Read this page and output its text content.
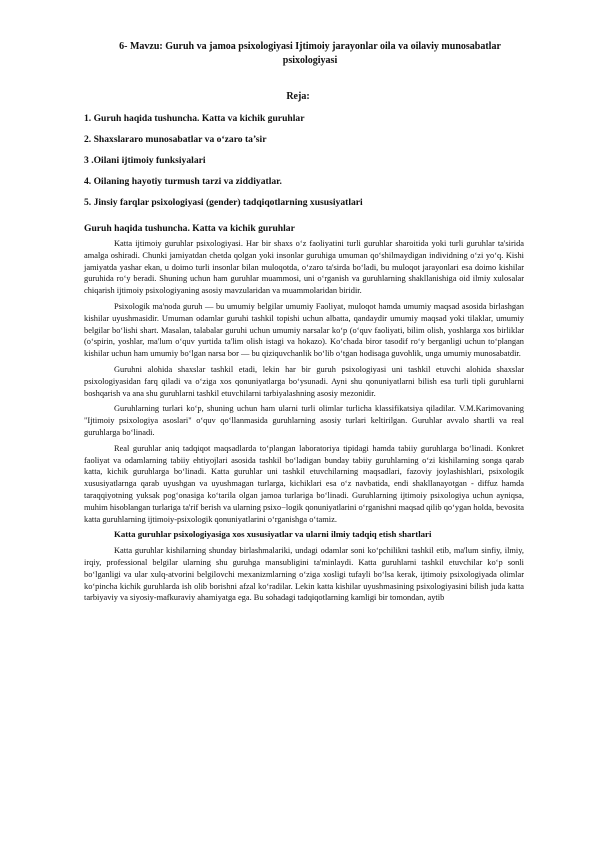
6- Mavzu: Guruh va jamoa psixologiyasi Ijtimoiy jarayonlar oila va oilaviy munosabatlar psixologiyasi
Reja:
1. Guruh haqida tushuncha. Katta va kichik guruhlar
2. Shaxslararo munosabatlar va o‘zaro ta’sir
3 .Oilani ijtimoiy funksiyalari
4. Oilaning hayotiy turmush tarzi va ziddiyatlar.
5. Jinsiy farqlar psixologiyasi (gender) tadqiqotlarning xususiyatlari
Guruh haqida tushuncha. Katta va kichik guruhlar

Katta ijtimoiy guruhlar psixologiyasi. Har bir shaxs o‘z faoliyatini turli guruhlar sharoitida yoki turli guruhlar ta'sirida amalga oshiradi. Chunki jamiyatdan chetda qolgan yoki insonlar guruhiga umuman qo‘shilmaydigan individning o‘zi yo‘q. Kishi jamiyatda yashar ekan, u doimo turli insonlar bilan muloqotda, o‘zaro ta'sirda bo‘ladi, bu muloqot jarayonlari esa doimo kishilar guruhida ro‘y beradi. Shuning uchun ham guruhlar muammosi, uni o‘rganish va guruhlarning shakllanishiga oid ilmiy xulosalar chiqarish ijtimoiy psixologiyaning asosiy mavzularidan va muammolaridan biridir.

Psixologik ma'noda guruh — bu umumiy belgilar umumiy Faoliyat, muloqot hamda umumiy maqsad asosida birlashgan kishilar uyushmasidir. Umuman odamlar guruhi tashkil topishi uchun albatta, qandaydir umumiy maqsad yoki tilaklar, umumiy belgilar bo‘lishi shart. Masalan, talabalar guruhi uchun umumiy narsalar ko‘p (o‘quv faoliyati, bilim olish, yoshlarga xos birliklar (o‘spirin, yoshlar, ma'lum o‘quv yurtida ta'lim olish istagi va hokazo). Ko‘chada biror tasodif ro‘y berganligi uchun to‘plangan kishilar uchun ham umumiy bo‘lgan narsa bor — bu qiziquvchanlik bo‘lib o‘tgan hodisaga guvohlik, unga umumiy munosabatdir.

Guruhni alohida shaxslar tashkil etadi, lekin har bir guruh psixologiyasi uni tashkil etuvchi alohida shaxslar psixologiyasidan farq qiladi va o‘ziga xos qonuniyatlarga bo‘ysunadi. Ayni shu qonuniyatlarni bilish esa turli tipli guruhlarni boshqarish va ana shu guruhlarni tashkil etuvchilarni tarbiyalashning asosiy mezonidir.

Guruhlarning turlari ko‘p, shuning uchun ham ularni turli olimlar turlicha klassifikatsiya qiladilar. V.M.Karimovaning "Ijtimoiy psixologiya asoslari" o‘quv qo‘llanmasida guruhlarning asosiy turlari keltirilgan. Guruhlar avvalo shartli va real guruhlarga bo‘linadi.

Real guruhlar aniq tadqiqot maqsadlarda to‘plangan laboratoriya tipidagi hamda tabiiy guruhlarga bo‘linadi. Konkret faoliyat va odamlarning tabiiy ehtiyojlari asosida tashkil bo‘ladigan bunday tabiiy guruhlarning o‘zi kishilarning songa qarab katta, kichik guruhlarga bo‘linadi. Katta guruhlar uni tashkil etuvchilarning maqsadlari, fazoviy joylashishlari, psixologik xususiyatlarnga qarab uyushgan va uyushmagan turlarga, kichiklari esa o‘z navbatida, endi shakllanayotgan - diffuz hamda taraqqiyotning yuksak pog‘onasiga ko‘tarila olgan jamoa turlariga bo‘linadi. Guruhlarning ijtimoiy psixologiya uchun ayniqsa, muhim hisoblangan turlariga ta'rif berish va ularning psixo−logik qonuniyatlarini o‘rganishni maqsad qilib qo‘ygan holda, bevosita katta guruhlarning ijtimoiy-psixologik qonuniyatlarini o‘rganishga o‘tamiz.

Katta guruhlar psixologiyasiga xos xususiyatlar va ularni ilmiy tadqiq etish shartlari

Katta guruhlar kishilarning shunday birlashmalariki, undagi odamlar soni ko‘pchilikni tashkil etib, ma'lum sinfiy, ilmiy, irqiy, professional belgilar ularning shu guruhga mansubligini ta'minlaydi. Katta guruhlarni tashkil etuvchilar ko‘p sonli bo‘lganligi va ular xulq-atvorini belgilovchi mexanizmlarning o‘ziga xosligi tufayli bo‘lsa kerak, ijtimoiy psixologiyada olimlar ko‘pincha kichik guruhlarda ish olib borishni afzal ko‘radilar. Lekin katta kishilar uyushmasining psixologiyasini bilish juda katta tarbiyaviy va siyosiy-mafkuraviy ahamiyatga ega. Bu sohadagi tadqiqotlarning kamligi bir tomondan, aytib
